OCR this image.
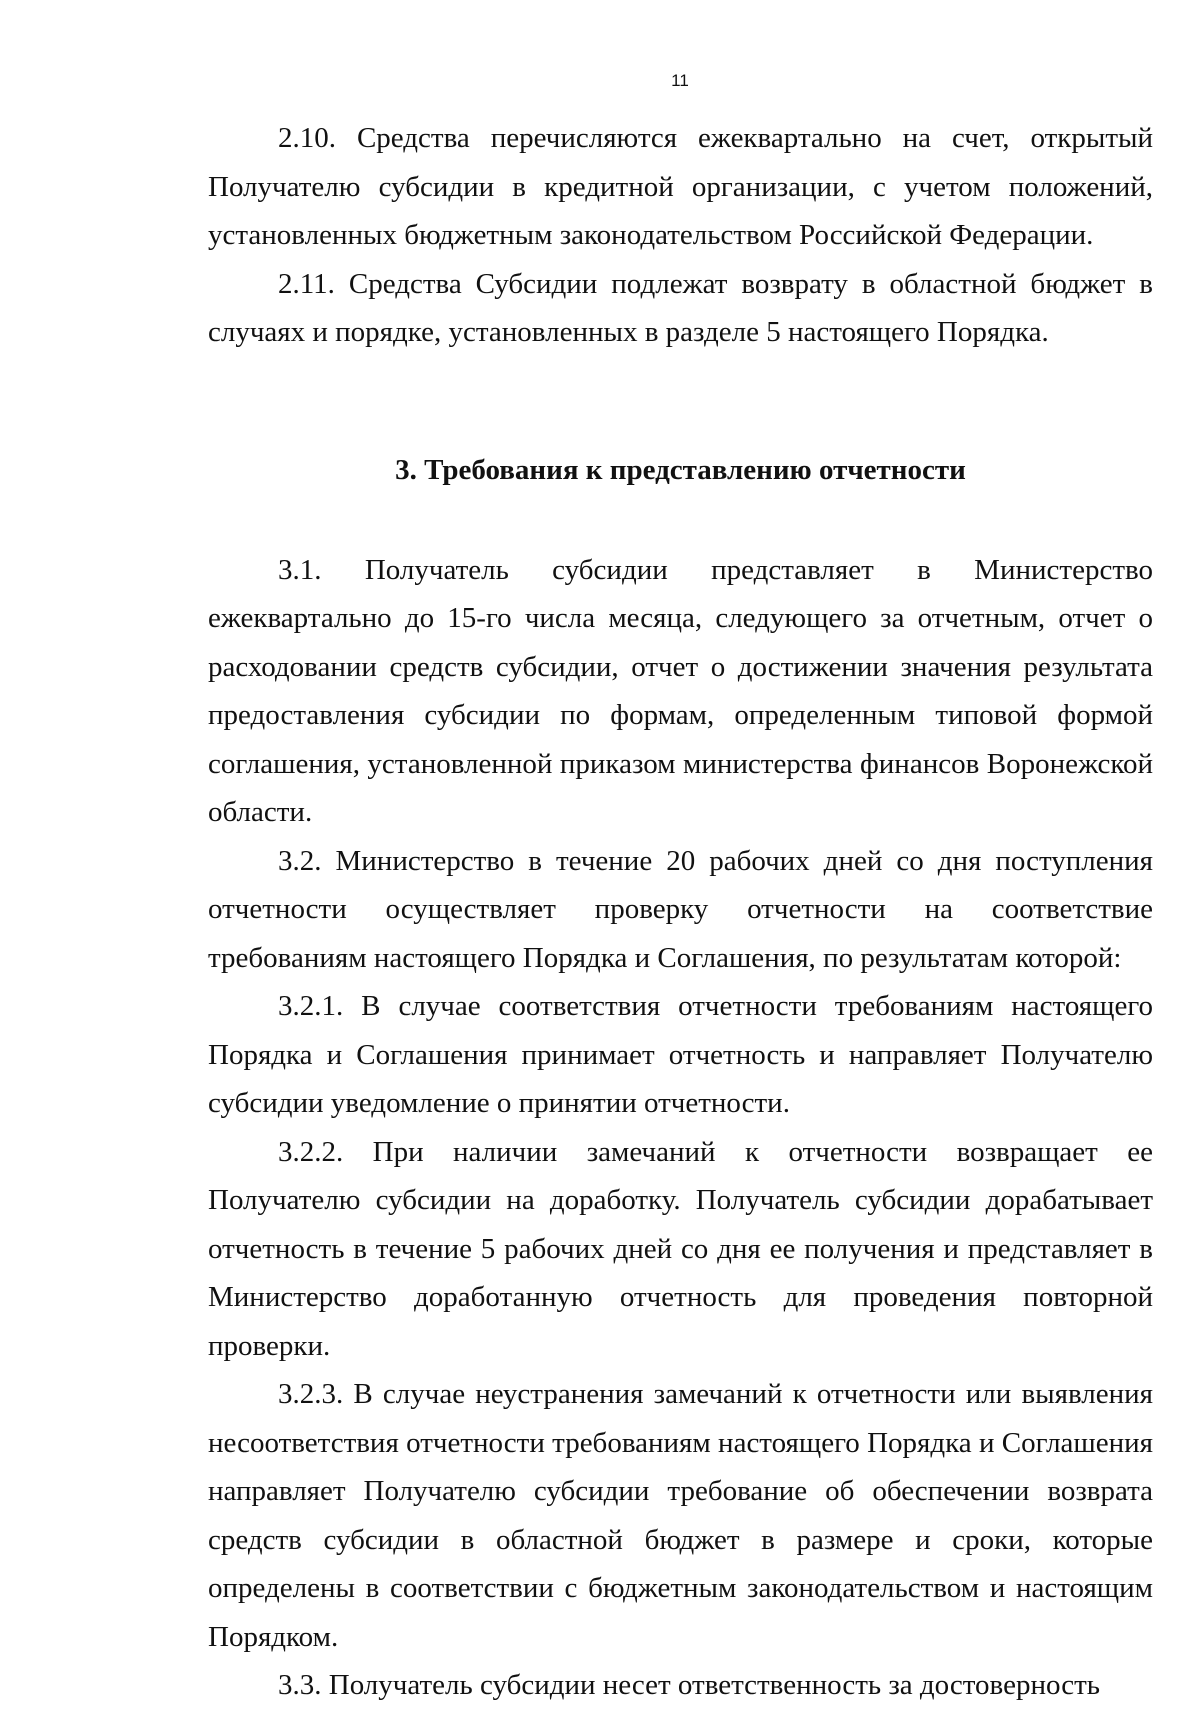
11

2.10. Средства перечисляются ежеквартально на счет, открытый Получателю субсидии в кредитной организации, с учетом положений, установленных бюджетным законодательством Российской Федерации.

2.11. Средства Субсидии подлежат возврату в областной бюджет в случаях и порядке, установленных в разделе 5 настоящего Порядка.

3. Требования к представлению отчетности

3.1. Получатель субсидии представляет в Министерство ежеквартально до 15-го числа месяца, следующего за отчетным, отчет о расходовании средств субсидии, отчет о достижении значения результата предоставления субсидии по формам, определенным типовой формой соглашения, установленной приказом министерства финансов Воронежской области.

3.2. Министерство в течение 20 рабочих дней со дня поступления отчетности осуществляет проверку отчетности на соответствие требованиям настоящего Порядка и Соглашения, по результатам которой:

3.2.1. В случае соответствия отчетности требованиям настоящего Порядка и Соглашения принимает отчетность и направляет Получателю субсидии уведомление о принятии отчетности.

3.2.2. При наличии замечаний к отчетности возвращает ее Получателю субсидии на доработку. Получатель субсидии дорабатывает отчетность в течение 5 рабочих дней со дня ее получения и представляет в Министерство доработанную отчетность для проведения повторной проверки.

3.2.3. В случае неустранения замечаний к отчетности или выявления несоответствия отчетности требованиям настоящего Порядка и Соглашения направляет Получателю субсидии требование об обеспечении возврата средств субсидии в областной бюджет в размере и сроки, которые определены в соответствии с бюджетным законодательством и настоящим Порядком.

3.3. Получатель субсидии несет ответственность за достоверность
